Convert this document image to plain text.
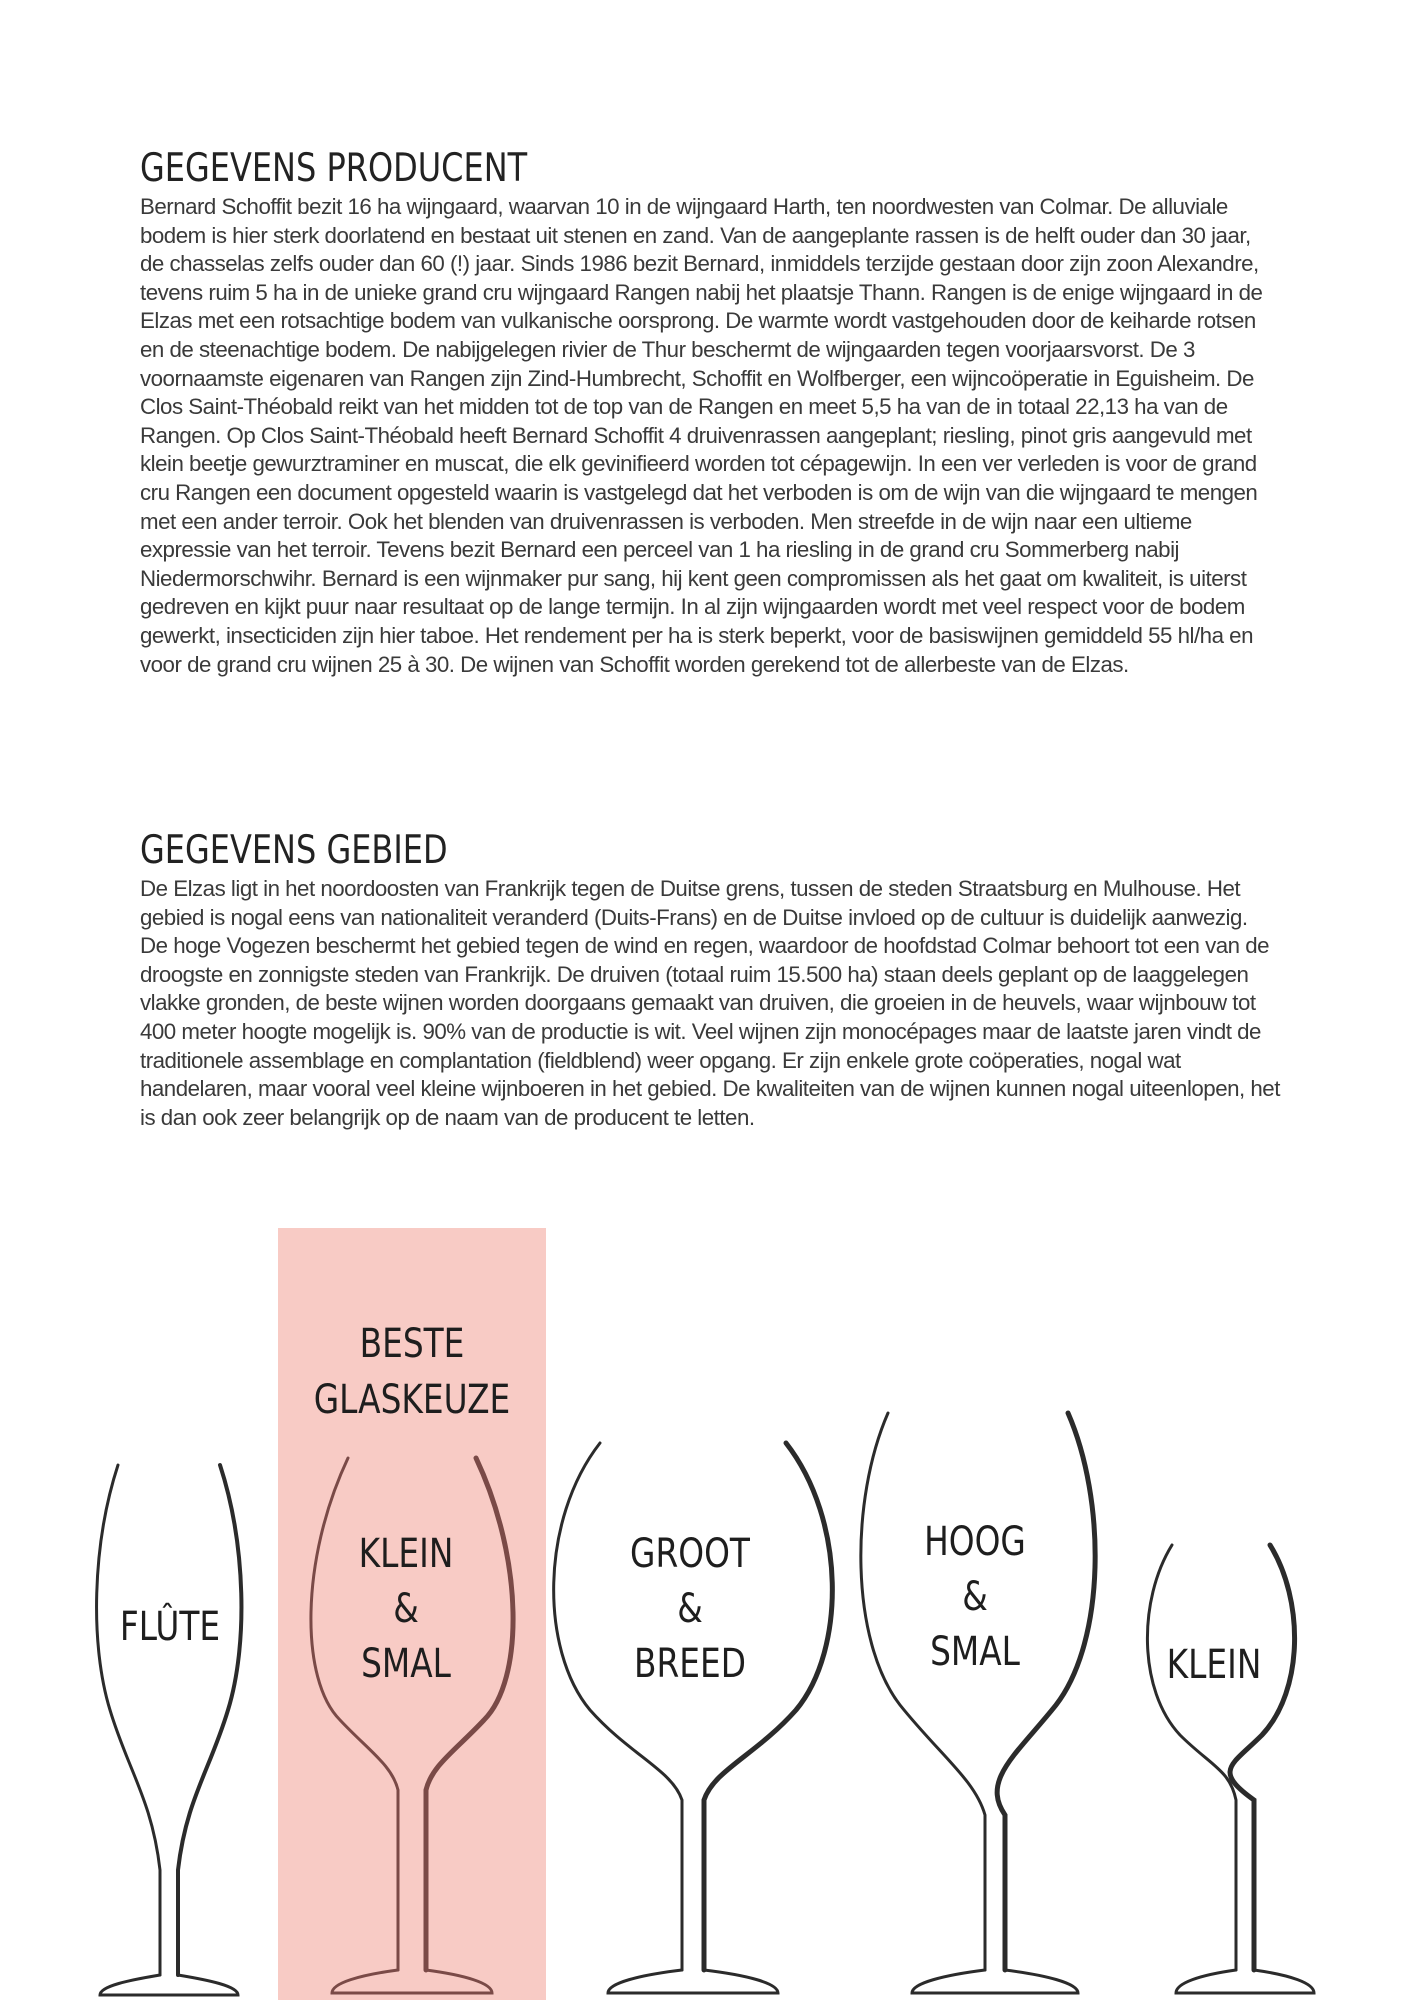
GEGEVENS PRODUCENT

Bernard Schoffit bezit 16 ha wijngaard, waarvan 10 in de wijngaard Harth, ten noordwesten van Colmar. De alluviale bodem is hier sterk doorlatend en bestaat uit stenen en zand. Van de aangeplante rassen is de helft ouder dan 30 jaar, de chasselas zelfs ouder dan 60 (!) jaar. Sinds 1986 bezit Bernard, inmiddels terzijde gestaan door zijn zoon Alexandre, tevens ruim 5 ha in de unieke grand cru wijngaard Rangen nabij het plaatsje Thann. Rangen is de enige wijngaard in de Elzas met een rotsachtige bodem van vulkanische oorsprong. De warmte wordt vastgehouden door de keiharde rotsen en de steenachtige bodem. De nabijgelegen rivier de Thur beschermt de wijngaarden tegen voorjaarsvorst. De 3 voornaamste eigenaren van Rangen zijn Zind-Humbrecht, Schoffit en Wolfberger, een wijncoöperatie in Eguisheim. De Clos Saint-Théobald reikt van het midden tot de top van de Rangen en meet 5,5 ha van de in totaal 22,13 ha van de Rangen. Op Clos Saint-Théobald heeft Bernard Schoffit 4 druivenrassen aangeplant; riesling, pinot gris aangevuld met klein beetje gewurztraminer en muscat, die elk gevinifieerd worden tot cépagewijn. In een ver verleden is voor de grand cru Rangen een document opgesteld waarin is vastgelegd dat het verboden is om de wijn van die wijngaard te mengen met een ander terroir. Ook het blenden van druivenrassen is verboden. Men streefde in de wijn naar een ultieme expressie van het terroir. Tevens bezit Bernard een perceel van 1 ha riesling in de grand cru Sommerberg nabij Niedermorschwihr. Bernard is een wijnmaker pur sang, hij kent geen compromissen als het gaat om kwaliteit, is uiterst gedreven en kijkt puur naar resultaat op de lange termijn. In al zijn wijngaarden wordt met veel respect voor de bodem gewerkt, insecticiden zijn hier taboe. Het rendement per ha is sterk beperkt, voor de basiswijnen gemiddeld 55 hl/ha en voor de grand cru wijnen 25 à 30. De wijnen van Schoffit worden gerekend tot de allerbeste van de Elzas.

GEGEVENS GEBIED

De Elzas ligt in het noordoosten van Frankrijk tegen de Duitse grens, tussen de steden Straatsburg en Mulhouse. Het gebied is nogal eens van nationaliteit veranderd (Duits-Frans) en de Duitse invloed op de cultuur is duidelijk aanwezig. De hoge Vogezen beschermt het gebied tegen de wind en regen, waardoor de hoofdstad Colmar behoort tot een van de droogste en zonnigste steden van Frankrijk. De druiven (totaal ruim 15.500 ha) staan deels geplant op de laaggelegen vlakke gronden, de beste wijnen worden doorgaans gemaakt van druiven, die groeien in de heuvels, waar wijnbouw tot 400 meter hoogte mogelijk is. 90% van de productie is wit. Veel wijnen zijn monocépages maar de laatste jaren vindt de traditionele assemblage en complantation (fieldblend) weer opgang. Er zijn enkele grote coöperaties, nogal wat handelaren, maar vooral veel kleine wijnboeren in het gebied. De kwaliteiten van de wijnen kunnen nogal uiteenlopen, het is dan ook zeer belangrijk op de naam van de producent te letten.

BESTE
GLASKEUZE
FLÛTE
KLEIN
&
SMAL
GROOT
&
BREED
HOOG
&
SMAL	KLEIN
